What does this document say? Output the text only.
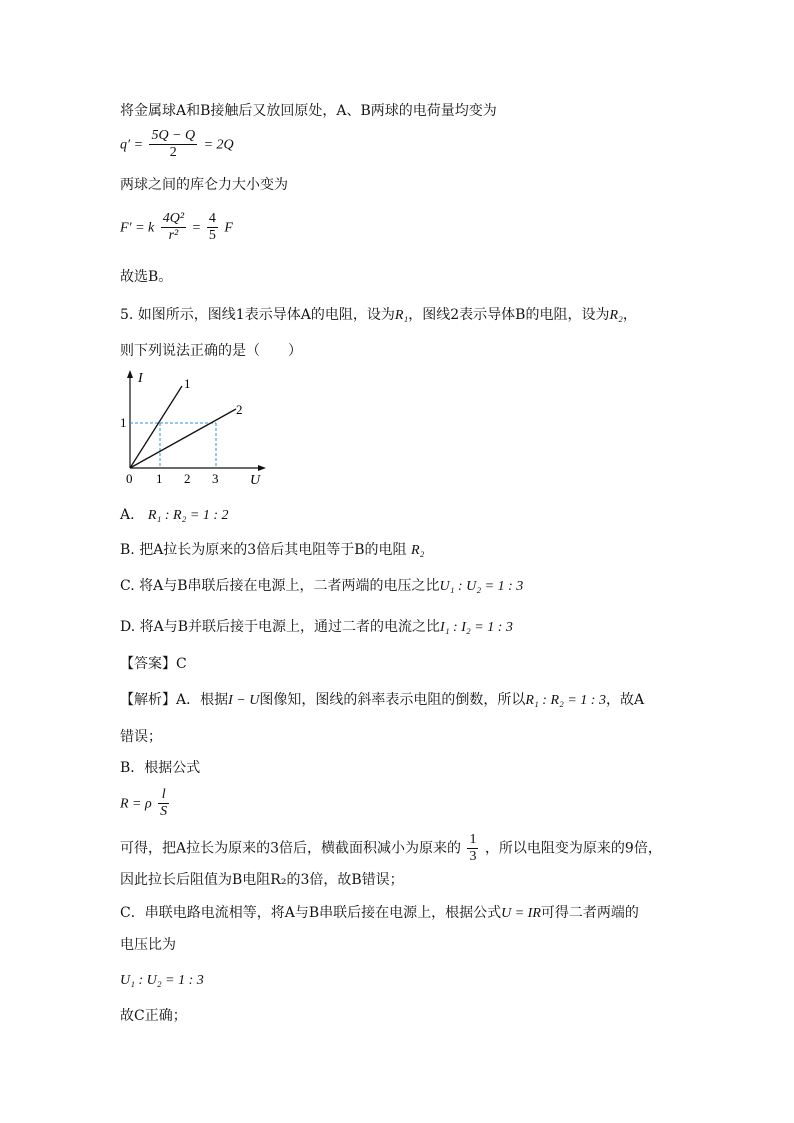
将金属球A和B接触后又放回原处，A、B两球的电荷量均变为
$q' = \frac{5Q - Q}{2} = 2Q$
两球之间的库仑力大小变为
F′ = k $\frac{\text{4Q²}}{\text{r²}} = \frac{4}{5}$ F
故选B。
5. 如图所示，图线1表示导体A的电阻，设为R₁，图线2表示导体B的电阻，设为R₂，
则下列说法正确的是（　　）
I
U
0 1 2 3
1
1
2
A. R₁ : R₂ = 1 : 2
B. 把A拉长为原来的3倍后其电阻等于B的电阻 R₂
C. 将A与B串联后接在电源上，二者两端的电压之比U₁ : U₂ = 1 : 3
D. 将A与B并联后接于电源上，通过二者的电流之比I₁ : I₂ = 1 : 3
【答案】C
【解析】A．根据I − U图像知，图线的斜率表示电阻的倒数，所以R₁ : R₂ = 1 : 3，故A
错误；
B．根据公式
R = ρ $\frac{l}{S}$
可得，把A拉长为原来的3倍后，横截面积减小为原来的 $\frac{1}{3}$ ，所以电阻变为原来的9倍，
因此拉长后阻值为B电阻R₂的3倍，故B错误；
C．串联电路电流相等，将A与B串联后接在电源上，根据公式U = IR可得二者两端的
电压比为
U₁ : U₂ = 1 : 3
故C正确；
